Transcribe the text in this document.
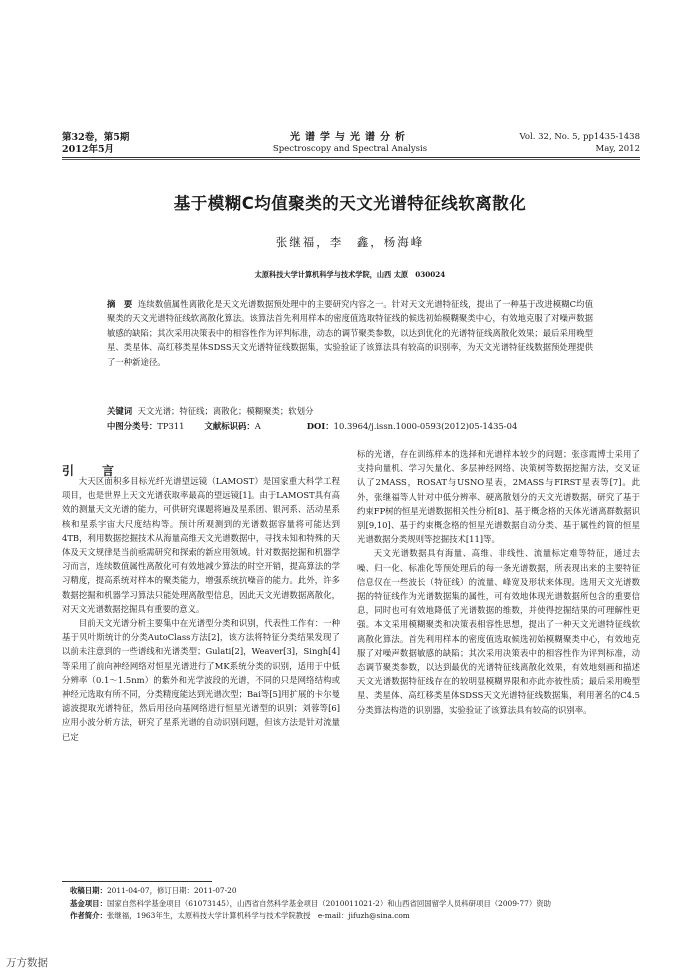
第32卷，第5期
2012年5月
光谱学与光谱分析
Spectroscopy and Spectral Analysis
Vol. 32, No. 5, pp1435-1438
May, 2012
基于模糊C均值聚类的天文光谱特征线软离散化
张继福，李　鑫，杨海峰
太原科技大学计算机科学与技术学院，山西 太原　030024
摘　要 连续数值属性离散化是天文光谱数据预处理中的主要研究内容之一。针对天文光谱特征线，提出了一种基于改进模糊C均值聚类的天文光谱特征线软离散化算法。该算法首先利用样本的密度值选取特征线的候选初始模糊聚类中心，有效地克服了对噪声数据敏感的缺陷；其次采用决策表中的相容性作为评判标准，动态的调节聚类参数，以达到优化的光谱特征线离散化效果；最后采用晚型星、类星体、高红移类星体SDSS天文光谱特征线数据集，实验验证了该算法具有较高的识别率，为天文光谱特征线数据预处理提供了一种新途径。
关键词 天文光谱；特征线；离散化；模糊聚类；软划分
中图分类号：TP311 文献标识码：A	DOI：10.3964/j.issn.1000-0593(2012)05-1435-04
引　言

大天区面积多目标光纤光谱望远镜（LAMOST）是国家重大科学工程项目，也是世界上天文光谱获取率最高的望远镜[1]。由于LAMOST具有高效的测量天文光谱的能力，可供研究课题将遍及星系团、银河系、活动星系核和星系宇宙大尺度结构等。预计所观测到的光谱数据容量将可能达到4TB，利用数据挖掘技术从海量高维天文光谱数据中，寻找未知和特殊的天体及天文规律是当前亟需研究和探索的新应用领域。针对数据挖掘和机器学习而言，连续数值属性离散化可有效地减少算法的时空开销，提高算法的学习精度，提高系统对样本的聚类能力，增强系统抗噪音的能力。此外，许多数据挖掘和机器学习算法只能处理离散型信息，因此天文光谱数据离散化，对天文光谱数据挖掘具有重要的意义。

目前天文光谱分析主要集中在光谱型分类和识别，代表性工作有：一种基于贝叶斯统计的分类AutoClass方法[2]，该方法将特征分类结果发现了以前未注意到的一些谱线和光谱类型；Gulati[2]，Weaver[3]，Singh[4]等采用了前向神经网络对恒星光谱进行了MK系统分类的识别，适用于中低分辨率（0.1～1.5nm）的紫外和光学波段的光谱，不同的只是网络结构或神经元选取有所不同，分类精度能达到光谱次型；Bai等[5]用扩展的卡尔曼滤波提取光谱特征，然后用径向基网络进行恒星光谱型的识别；刘蓉等[6]应用小波分析方法，研究了星系光谱的自动识别问题，但该方法是针对流量已定

标的光谱，存在训练样本的选择和光谱样本较少的问题；张彦霞博士采用了支持向量机、学习矢量化、多层神经网络、决策树等数据挖掘方法，交叉证认了2MASS，ROSAT与USNO星表，2MASS与FIRST星表等[7]。此外，张继福等人针对中低分辨率、硬离散划分的天文光谱数据，研究了基于约束FP树的恒星光谱数据相关性分析[8]、基于概念格的天体光谱离群数据识别[9,10]、基于约束概念格的恒星光谱数据自动分类、基于属性约简的恒星光谱数据分类规则等挖掘技术[11]等。

天文光谱数据具有海量、高维、非线性、流量标定难等特征，通过去噪、归一化、标准化等预处理后的每一条光谱数据，所表现出来的主要特征信息仅在一些波长（特征线）的流量、峰宽及形状来体现。选用天文光谱数据的特征线作为光谱数据集的属性，可有效地体现光谱数据所包含的重要信息，同时也可有效地降低了光谱数据的维数，并使得挖掘结果的可理解性更强。本文采用模糊聚类和决策表相容性思想，提出了一种天文光谱特征线软离散化算法。首先利用样本的密度值选取候选初始模糊聚类中心，有效地克服了对噪声数据敏感的缺陷；其次采用决策表中的相容性作为评判标准，动态调节聚类参数，以达到最优的光谱特征线离散化效果，有效地刻画和描述天文光谱数据特征线存在的较明显模糊界限和亦此亦彼性质；最后采用晚型星、类星体、高红移类星体SDSS天文光谱特征线数据集，利用著名的C4.5分类算法构造的识别器，实验验证了该算法具有较高的识别率。

收稿日期：2011-04-07，修订日期：2011-07-20
基金项目：国家自然科学基金项目（61073145），山西省自然科学基金项目（2010011021-2）和山西省回国留学人员科研项目（2009-77）资助
作者简介：张继福，1963年生，太原科技大学计算机科学与技术学院教授　e-mail：jifuzh@sina.com
万方数据
